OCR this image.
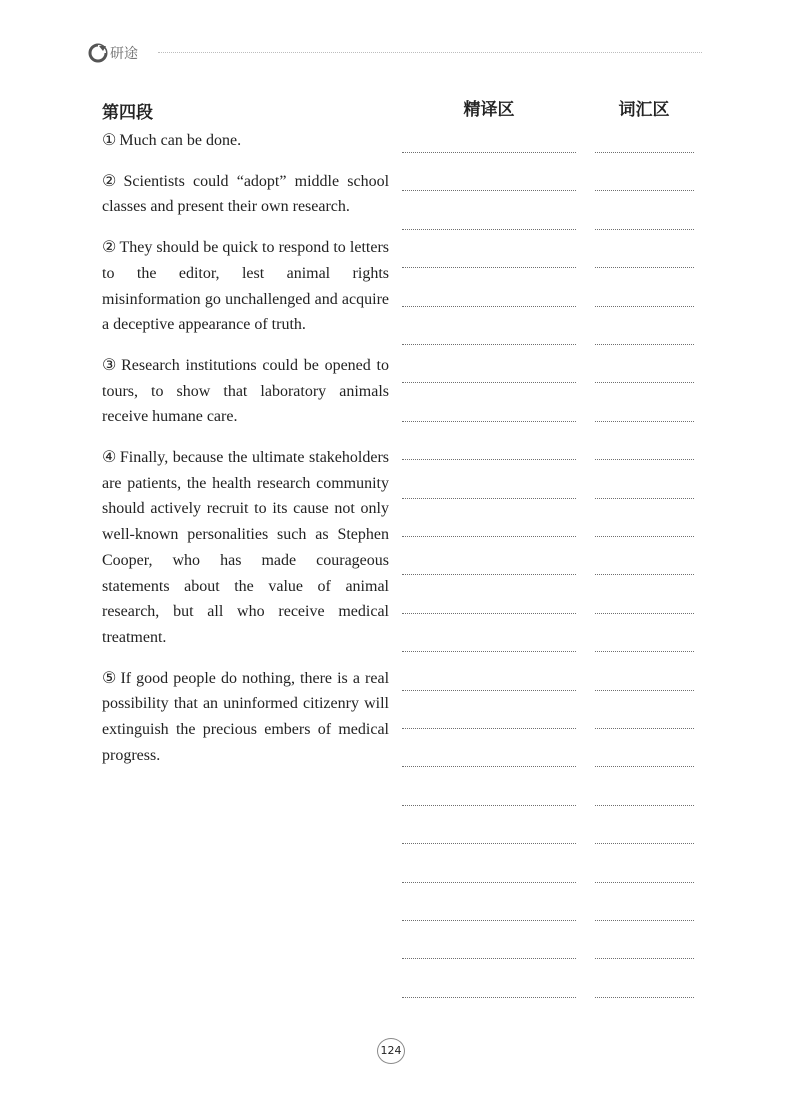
研途
第四段	精译区	词汇区

① Much can be done.

② Scientists could “adopt” middle school classes and present their own research.

② They should be quick to respond to letters to the editor, lest animal rights misinformation go unchallenged and acquire a deceptive appearance of truth.

③ Research institutions could be opened to tours, to show that laboratory animals receive humane care.

④ Finally, because the ultimate stakeholders are patients, the health research community should actively recruit to its cause not only well-known personalities such as Stephen Cooper, who has made courageous statements about the value of animal research, but all who receive medical treatment.

⑤ If good people do nothing, there is a real possibility that an uninformed citizenry will extinguish the precious embers of medical progress.

124
